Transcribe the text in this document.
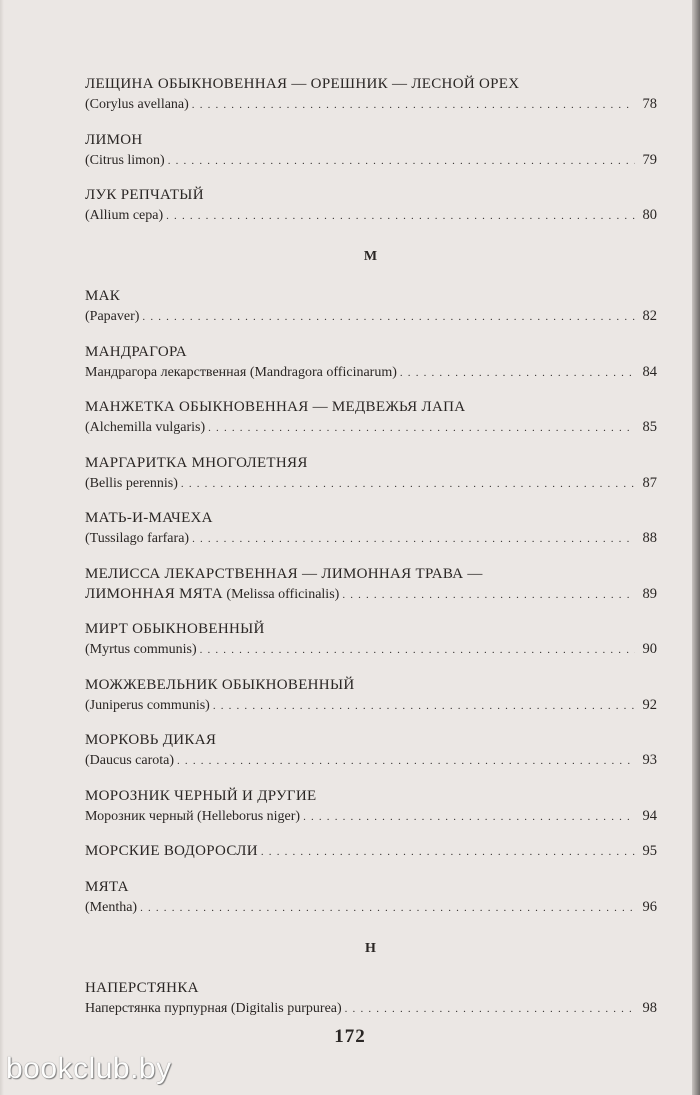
ЛЕЩИНА ОБЫКНОВЕННАЯ — ОРЕШНИК — ЛЕСНОЙ ОРЕХ
(Corylus avellana) . . .	78
ЛИМОН
(Citrus limon) . . .	79
ЛУК РЕПЧАТЫЙ
(Allium cepa) . . .	80
М
МАК
(Papaver) . . .	82
МАНДРАГОРА
Мандрагора лекарственная (Mandragora officinarum) . . .	84
МАНЖЕТКА ОБЫКНОВЕННАЯ — МЕДВЕЖЬЯ ЛАПА
(Alchemilla vulgaris) . . .	85
МАРГАРИТКА МНОГОЛЕТНЯЯ
(Bellis perennis) . . .	87
МАТЬ-И-МАЧЕХА
(Tussilago farfara) . . .	88
МЕЛИССА ЛЕКАРСТВЕННАЯ — ЛИМОННАЯ ТРАВА —
ЛИМОННАЯ МЯТА (Melissa officinalis) . . .	89
МИРТ ОБЫКНОВЕННЫЙ
(Myrtus communis) . . .	90
МОЖЖЕВЕЛЬНИК ОБЫКНОВЕННЫЙ
(Juniperus communis) . . .	92
МОРКОВЬ ДИКАЯ
(Daucus carota) . . .	93
МОРОЗНИК ЧЕРНЫЙ И ДРУГИЕ
Морозник черный (Helleborus niger) . . .	94
МОРСКИЕ ВОДОРОСЛИ . . .	95
МЯТА
(Mentha) . . .	96
Н
НАПЕРСТЯНКА
Наперстянка пурпурная (Digitalis purpurea) . . .	98
172
bookclub.by
